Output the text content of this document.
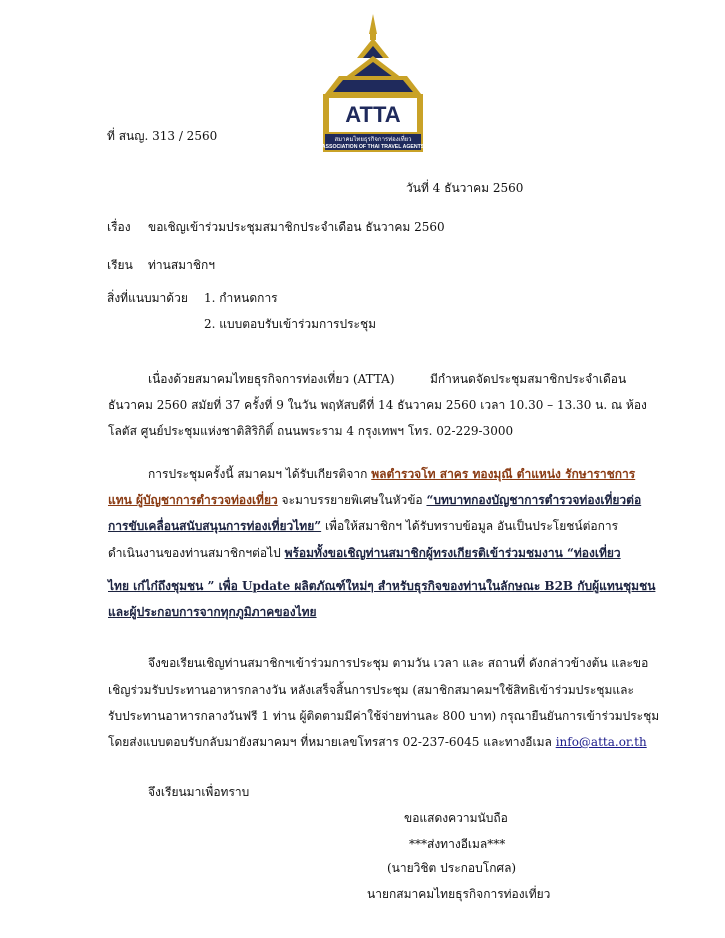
ATTA
สมาคมไทยธุรกิจการท่องเที่ยว
ASSOCIATION OF THAI TRAVEL AGENTS
ที่ สนญ. 313 / 2560
วันที่ 4 ธันวาคม 2560
เรื่อง ขอเชิญเข้าร่วมประชุมสมาชิกประจำเดือน ธันวาคม 2560
เรียน ท่านสมาชิกฯ
สิ่งที่แนบมาด้วย 1. กำหนดการ
2. แบบตอบรับเข้าร่วมการประชุม
เนื่องด้วยสมาคมไทยธุรกิจการท่องเที่ยว (ATTA)	มีกำหนดจัดประชุมสมาชิกประจำเดือน
ธันวาคม 2560 สมัยที่ 37 ครั้งที่ 9 ในวัน พฤหัสบดีที่ 14 ธันวาคม 2560 เวลา 10.30 – 13.30 น. ณ ห้อง
โลตัส ศูนย์ประชุมแห่งชาติสิริกิติ์ ถนนพระราม 4 กรุงเทพฯ โทร. 02-229-3000
การประชุมครั้งนี้ สมาคมฯ ได้รับเกียรติจาก พลตำรวจโท สาคร ทองมุณี ตำแหน่ง รักษาราชการ
แทน ผู้บัญชาการตำรวจท่องเที่ยว จะมาบรรยายพิเศษในหัวข้อ “บทบาทกองบัญชาการตำรวจท่องเที่ยวต่อ
การขับเคลื่อนสนับสนุนการท่องเที่ยวไทย” เพื่อให้สมาชิกฯ ได้รับทราบข้อมูล อันเป็นประโยชน์ต่อการ
ดำเนินงานของท่านสมาชิกฯต่อไป พร้อมทั้งขอเชิญท่านสมาชิกผู้ทรงเกียรติเข้าร่วมชมงาน “ท่องเที่ยว
ไทย เก๋ไก๋ถึงชุมชน ” เพื่อ Update ผลิตภัณฑ์ใหม่ๆ สำหรับธุรกิจของท่านในลักษณะ B2B กับผู้แทนชุมชน
และผู้ประกอบการจากทุกภูมิภาคของไทย
จึงขอเรียนเชิญท่านสมาชิกฯเข้าร่วมการประชุม ตามวัน เวลา และ สถานที่ ดังกล่าวข้างต้น และขอ
เชิญร่วมรับประทานอาหารกลางวัน หลังเสร็จสิ้นการประชุม (สมาชิกสมาคมฯใช้สิทธิเข้าร่วมประชุมและ
รับประทานอาหารกลางวันฟรี 1 ท่าน ผู้ติดตามมีค่าใช้จ่ายท่านละ 800 บาท) กรุณายืนยันการเข้าร่วมประชุม
โดยส่งแบบตอบรับกลับมายังสมาคมฯ ที่หมายเลขโทรสาร 02-237-6045 และทางอีเมล info@atta.or.th
จึงเรียนมาเพื่อทราบ
ขอแสดงความนับถือ
***ส่งทางอีเมล***
(นายวิชิต ประกอบโกศล)
นายกสมาคมไทยธุรกิจการท่องเที่ยว
